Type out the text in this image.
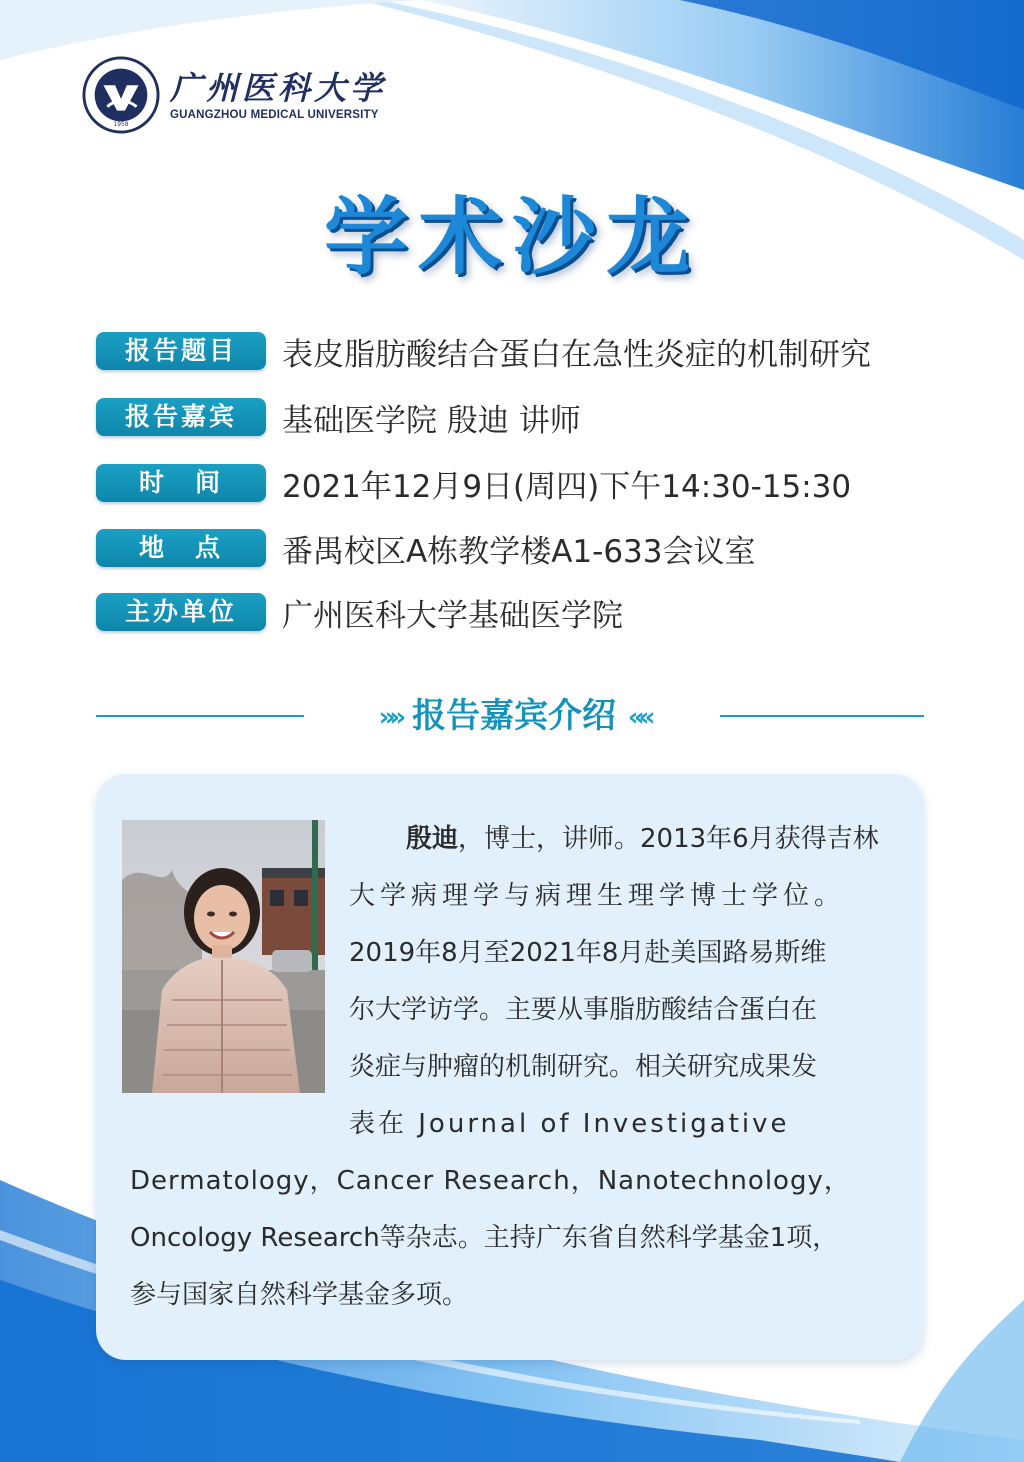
1958
广州医科大学
GUANGZHOU MEDICAL UNIVERSITY
学术沙龙
报告题目	表皮脂肪酸结合蛋白在急性炎症的机制研究
报告嘉宾	基础医学院 殷迪 讲师
时　间	2021年12月9日(周四)下午14:30-15:30
地　点	番禺校区A栋教学楼A1-633会议室
主办单位	广州医科大学基础医学院
»» 报告嘉宾介绍 ««
殷迪，博士，讲师。2013年6月获得吉林
大学病理学与病理生理学博士学位。
2019年8月至2021年8月赴美国路易斯维
尔大学访学。主要从事脂肪酸结合蛋白在
炎症与肿瘤的机制研究。相关研究成果发
表在 Journal of Investigative
Dermatology，Cancer Research，Nanotechnology，
Oncology Research等杂志。主持广东省自然科学基金1项，
参与国家自然科学基金多项。
